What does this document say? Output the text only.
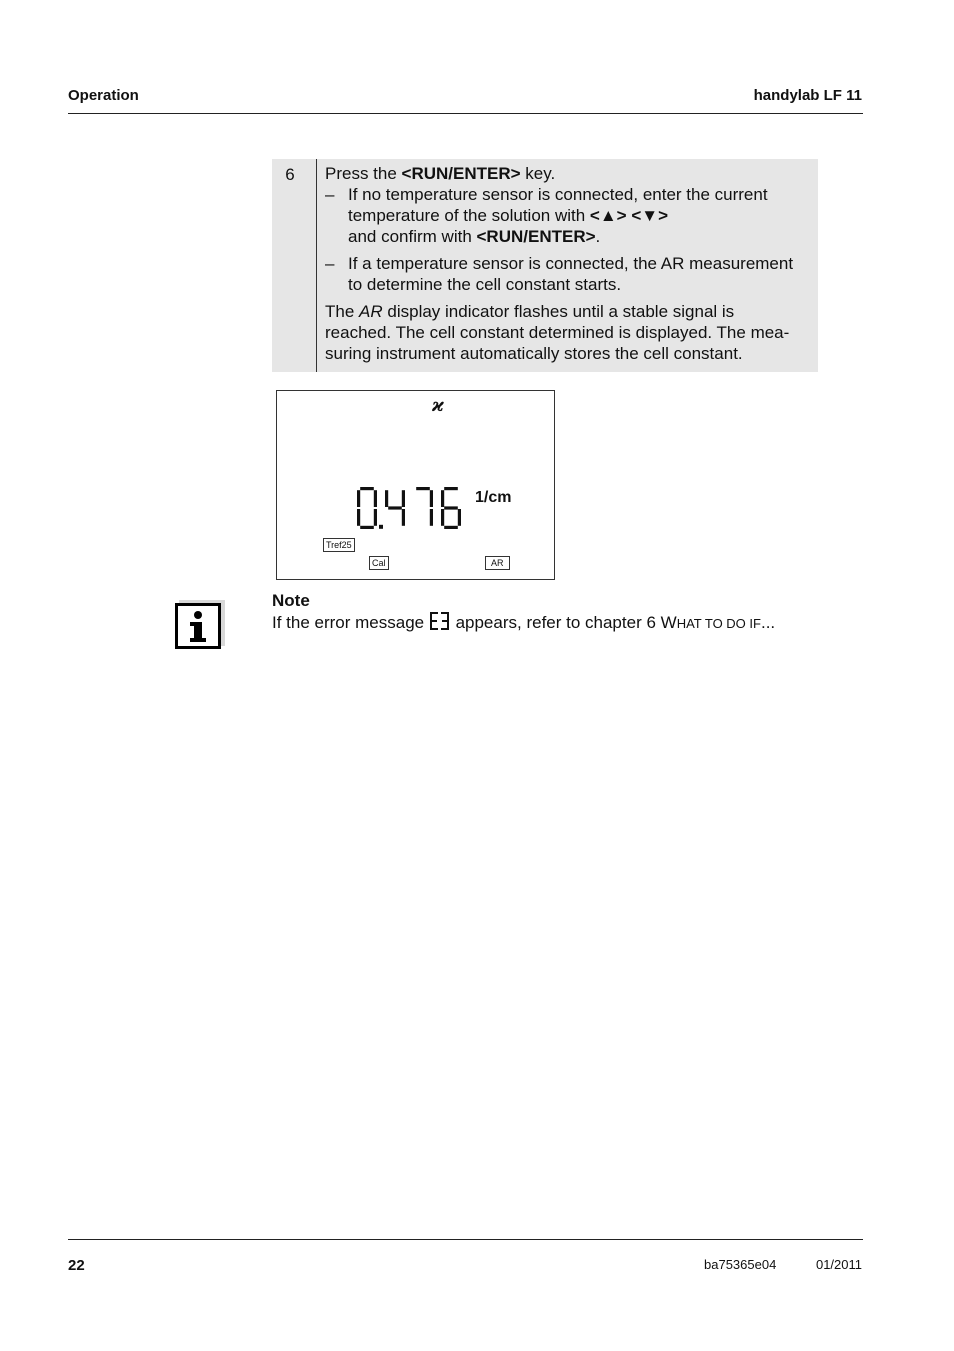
Operation	handylab LF 11
6	Press the <RUN/ENTER> key.

– If no temperature sensor is connected, enter the current
temperature of the solution with <▲> <▼>
and confirm with <RUN/ENTER>.
– If a temperature sensor is connected, the AR measurement
to determine the cell constant starts.

The AR display indicator flashes until a stable signal is

reached. The cell constant determined is displayed. The mea-

suring instrument automatically stores the cell constant.

ϰ
1/cm
Tref25
Cal	AR
Note
If the error message  appears, refer to chapter 6 WHAT TO DO IF...
22	ba75365e04	01/2011
